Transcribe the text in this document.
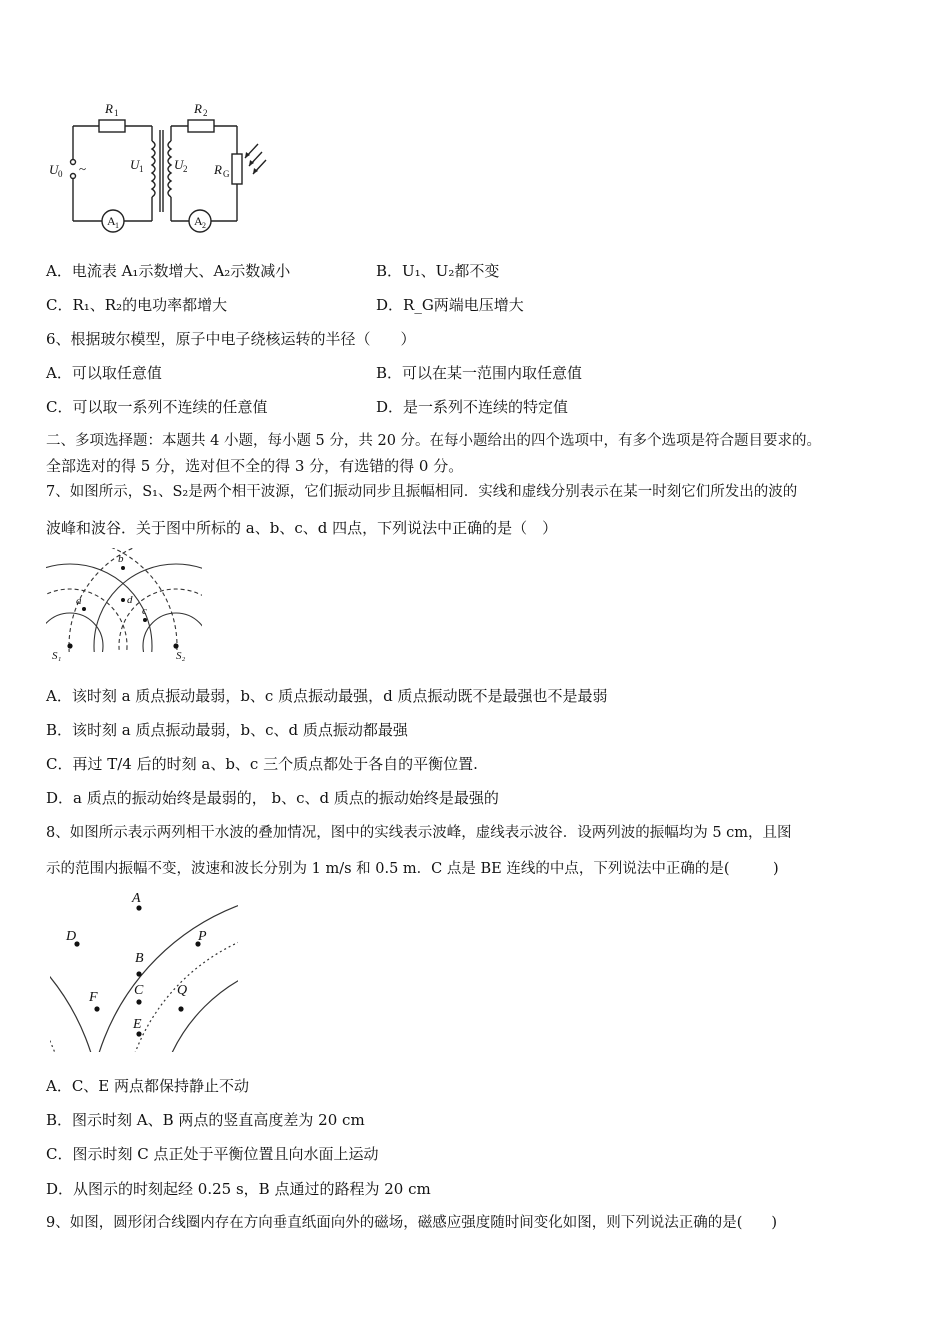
R 1	R 2
U 0 ~	U 1 U 2 R G
A 1	A 2
A．电流表 A₁示数增大、A₂示数减小	B．U₁、U₂都不变
C．R₁、R₂的电功率都增大	D．R_G两端电压增大
6、根据玻尔模型，原子中电子绕核运转的半径（　　）
A．可以取任意值	B．可以在某一范围内取任意值
C．可以取一系列不连续的任意值	D．是一系列不连续的特定值
二、多项选择题：本题共 4 小题，每小题 5 分，共 20 分。在每小题给出的四个选项中，有多个选项是符合题目要求的。
全部选对的得 5 分，选对但不全的得 3 分，有选错的得 0 分。
7、如图所示，S₁、S₂是两个相干波源，它们振动同步且振幅相同．实线和虚线分别表示在某一时刻它们所发出的波的
波峰和波谷．关于图中所标的 a、b、c、d 四点，下列说法中正确的是（　）
a
b
c
d
S₁	S₂
A．该时刻 a 质点振动最弱，b、c 质点振动最强，d 质点振动既不是最强也不是最弱
B．该时刻 a 质点振动最弱，b、c、d 质点振动都最强
C．再过 T/4 后的时刻 a、b、c 三个质点都处于各自的平衡位置.
D．a 质点的振动始终是最弱的， b、c、d 质点的振动始终是最强的
8、如图所示表示两列相干水波的叠加情况，图中的实线表示波峰，虚线表示波谷．设两列波的振幅均为 5 cm，且图
示的范围内振幅不变，波速和波长分别为 1 m/s 和 0.5 m．C 点是 BE 连线的中点，下列说法中正确的是(　　　)
A
D	P
B
C
F	Q
E
A．C、E 两点都保持静止不动
B．图示时刻 A、B 两点的竖直高度差为 20 cm
C．图示时刻 C 点正处于平衡位置且向水面上运动
D．从图示的时刻起经 0.25 s，B 点通过的路程为 20 cm
9、如图，圆形闭合线圈内存在方向垂直纸面向外的磁场，磁感应强度随时间变化如图，则下列说法正确的是(　　)
